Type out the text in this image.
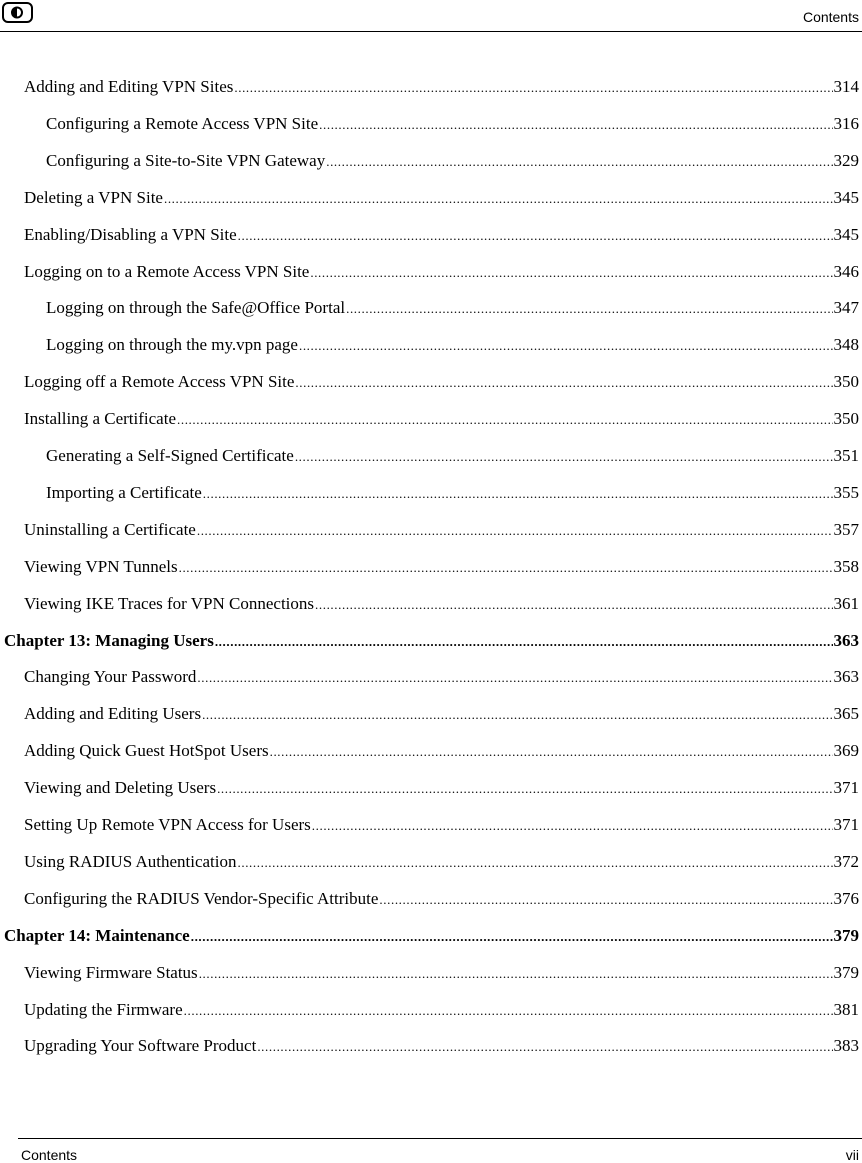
Contents
Adding and Editing VPN Sites .....	314
Configuring a Remote Access VPN Site .....	316
Configuring a Site-to-Site VPN Gateway .....	329
Deleting a VPN Site .....	345
Enabling/Disabling a VPN Site .....	345
Logging on to a Remote Access VPN Site .....	346
Logging on through the Safe@Office Portal .....	347
Logging on through the my.vpn page .....	348
Logging off a Remote Access VPN Site .....	350
Installing a Certificate .....	350
Generating a Self-Signed Certificate .....	351
Importing a Certificate .....	355
Uninstalling a Certificate .....	357
Viewing VPN Tunnels .....	358
Viewing IKE Traces for VPN Connections .....	361
Chapter 13: Managing Users .....	363
Changing Your Password .....	363
Adding and Editing Users .....	365
Adding Quick Guest HotSpot Users .....	369
Viewing and Deleting Users .....	371
Setting Up Remote VPN Access for Users .....	371
Using RADIUS Authentication .....	372
Configuring the RADIUS Vendor-Specific Attribute .....	376
Chapter 14: Maintenance .....	379
Viewing Firmware Status .....	379
Updating the Firmware .....	381
Upgrading Your Software Product .....	383
Contents	vii
